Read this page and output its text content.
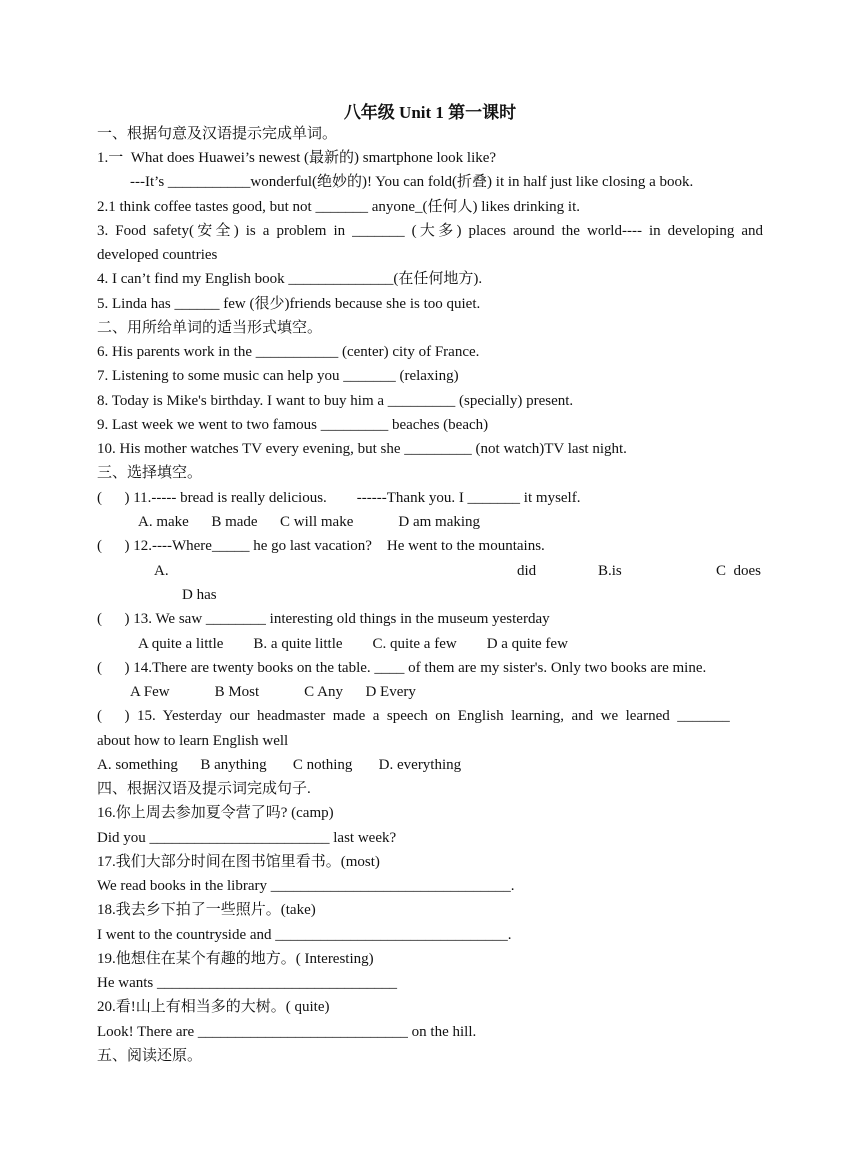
八年级 Unit 1 第一课时
一、根据句意及汉语提示完成单词。
1.一  What does Huawei’s newest (最新的) smartphone look like?
---It’s ___________wonderful(绝妙的)! You can fold(折叠) it in half just like closing a book.
2.1 think coffee tastes good, but not _______ anyone_(任何人) likes drinking it.
3. Food safety(安全) is a problem in _______ (大多) places around the world---- in developing and
developed countries
4. I can’t find my English book ______________(在任何地方).
5. Linda has ______ few (很少)friends because she is too quiet.
二、用所给单词的适当形式填空。
6. His parents work in the ___________ (center) city of France.
7. Listening to some music can help you _______ (relaxing)
8. Today is Mike's birthday. I want to buy him a _________ (specially) present.
9. Last week we went to two famous _________ beaches (beach)
10. His mother watches TV every evening, but she _________ (not watch)TV last night.
三、选择填空。
(      ) 11.----- bread is really delicious.        ------Thank you. I _______ it myself.
A. make      B made      C will make            D am making
(      ) 12.----Where_____ he go last vacation?    He went to the mountains.
A.	did	B.is	C  does
D has
(      ) 13. We saw ________ interesting old things in the museum yesterday
A quite a little        B. a quite little        C. quite a few        D a quite few
(      ) 14.There are twenty books on the table. ____ of them are my sister's. Only two books are mine.
A Few            B Most            C Any      D Every
(      )  15.  Yesterday  our  headmaster  made  a  speech  on  English  learning,  and  we  learned  _______
about how to learn English well
A. something      B anything       C nothing       D. everything
四、根据汉语及提示词完成句子.
16.你上周去参加夏令营了吗? (camp)
Did you ________________________ last week?
17.我们大部分时间在图书馆里看书。(most)
We read books in the library ________________________________.
18.我去乡下拍了一些照片。(take)
I went to the countryside and _______________________________.
19.他想住在某个有趣的地方。( Interesting)
He wants ________________________________
20.看!山上有相当多的大树。( quite)
Look! There are ____________________________ on the hill.
五、阅读还原。
